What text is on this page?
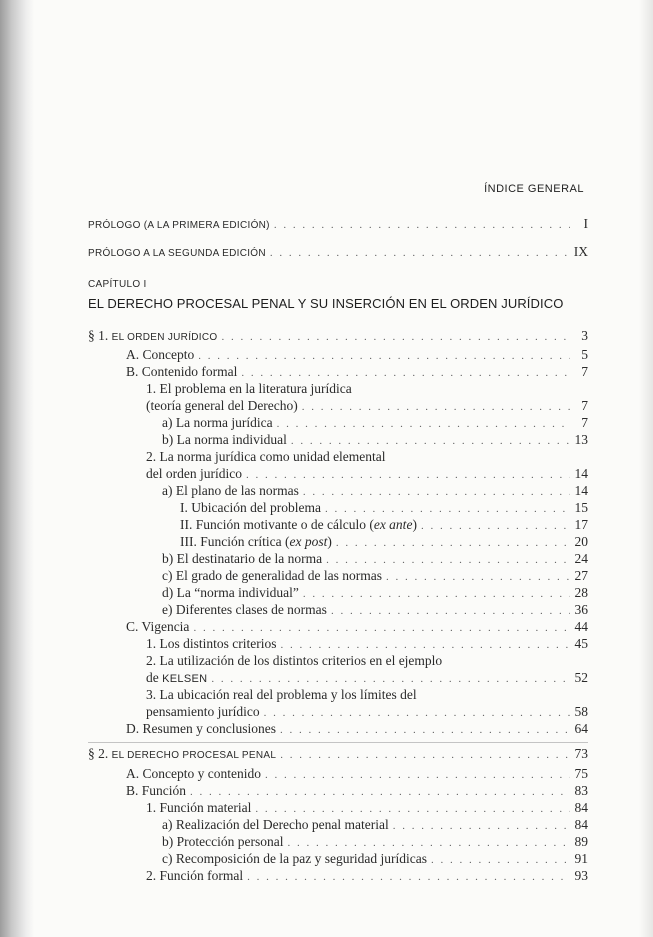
ÍNDICE GENERAL
PRÓLOGO (A LA PRIMERA EDICIÓN) . . .	I
PRÓLOGO A LA SEGUNDA EDICIÓN . . .	IX
CAPÍTULO I
EL DERECHO PROCESAL PENAL Y SU INSERCIÓN EN EL ORDEN JURÍDICO
§ 1. EL ORDEN JURÍDICO . . .	3
A. Concepto . . .	5
B. Contenido formal . . .	7
1. El problema en la literatura jurídica
(teoría general del Derecho) . . .	7
a) La norma jurídica . . .	7
b) La norma individual . . .	13
2. La norma jurídica como unidad elemental
del orden jurídico . . .	14
a) El plano de las normas . . .	14
I. Ubicación del problema . . .	15
II. Función motivante o de cálculo (ex ante) . . .	17
III. Función crítica (ex post) . . .	20
b) El destinatario de la norma . . .	24
c) El grado de generalidad de las normas . . .	27
d) La “norma individual” . . .	28
e) Diferentes clases de normas . . .	36
C. Vigencia . . .	44
1. Los distintos criterios . . .	45
2. La utilización de los distintos criterios en el ejemplo
de KELSEN . . .	52
3. La ubicación real del problema y los límites del
pensamiento jurídico . . .	58
D. Resumen y conclusiones . . .	64
§ 2. EL DERECHO PROCESAL PENAL . . .	73
A. Concepto y contenido . . .	75
B. Función . . .	83
1. Función material . . .	84
a) Realización del Derecho penal material . . .	84
b) Protección personal . . .	89
c) Recomposición de la paz y seguridad jurídicas . . .	91
2. Función formal . . .	93
